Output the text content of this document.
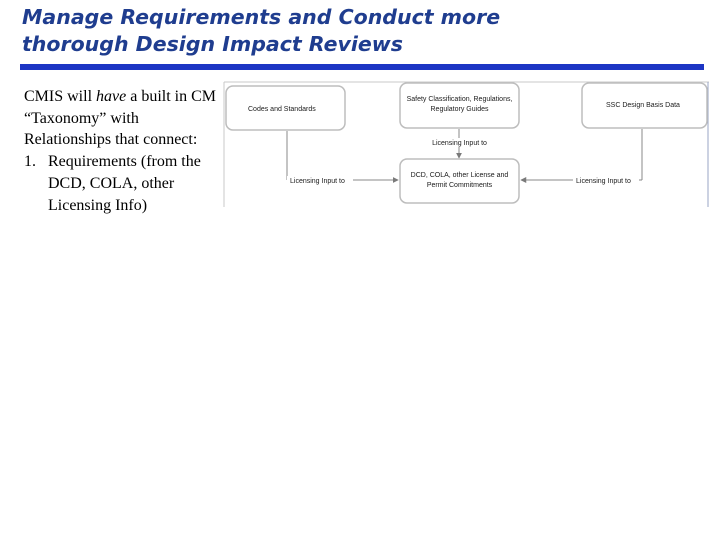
Manage Requirements and Conduct more
thorough Design Impact Reviews

CMIS will have a built in CM “Taxonomy” with Relationships that connect:

1. Requirements (from the DCD, COLA, other Licensing Info)
Codes and Standards
Safety Classification, Regulations,
Regulatory Guides
SSC Design Basis Data
DCD, COLA, other License and
Permit Commitments
Licensing Input to
Licensing Input to
Licensing Input to
